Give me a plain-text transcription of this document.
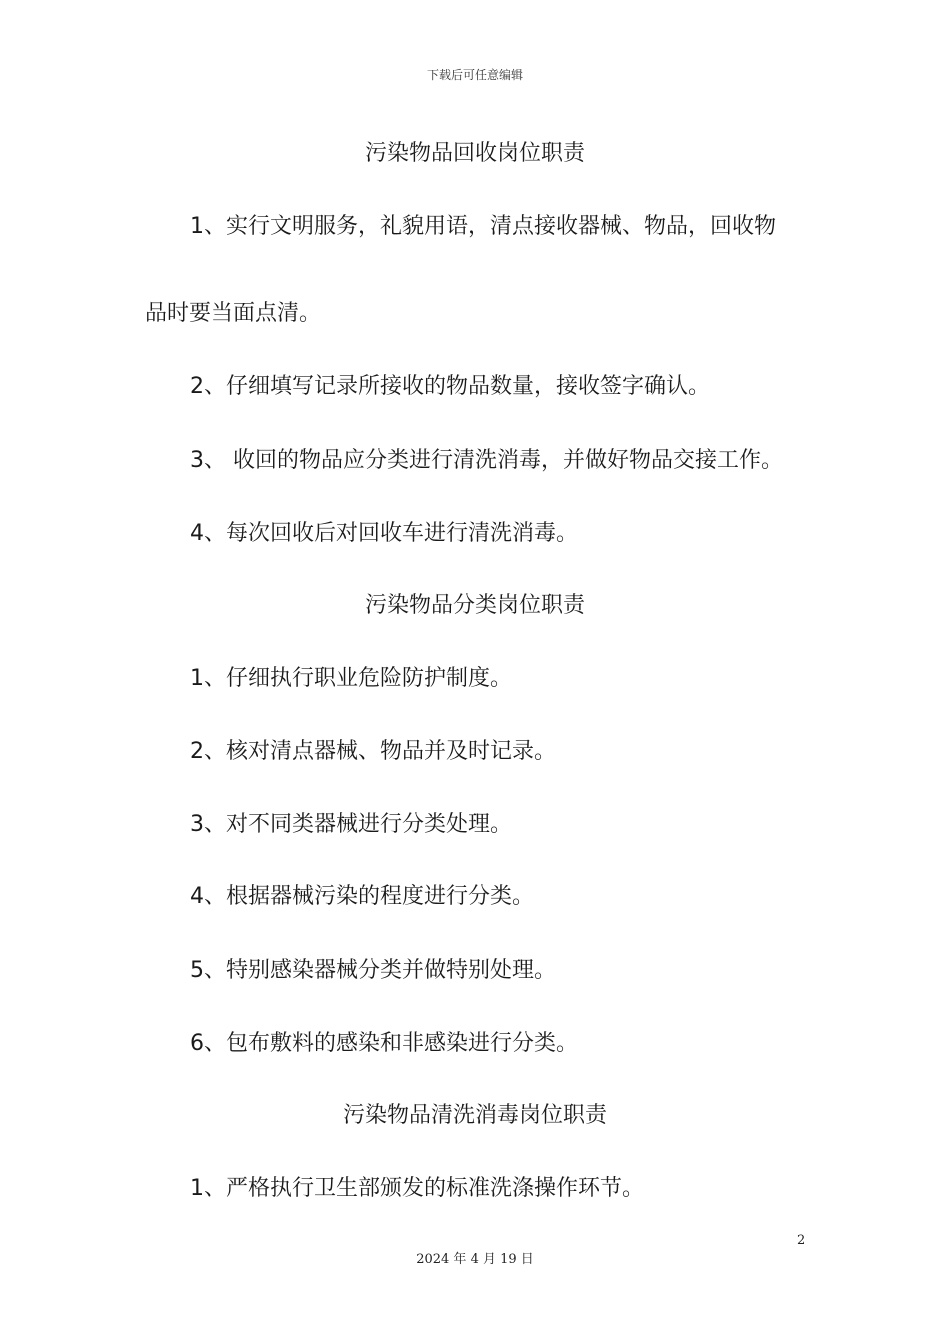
下载后可任意编辑
污染物品回收岗位职责
1、实行文明服务，礼貌用语，清点接收器械、物品，回收物
品时要当面点清。
2、仔细填写记录所接收的物品数量，接收签字确认。
3、 收回的物品应分类进行清洗消毒，并做好物品交接工作。
4、每次回收后对回收车进行清洗消毒。
污染物品分类岗位职责
1、仔细执行职业危险防护制度。
2、核对清点器械、物品并及时记录。
3、对不同类器械进行分类处理。
4、根据器械污染的程度进行分类。
5、特别感染器械分类并做特别处理。
6、包布敷料的感染和非感染进行分类。
污染物品清洗消毒岗位职责
1、严格执行卫生部颁发的标准洗涤操作环节。
2
2024 年 4 月 19 日
